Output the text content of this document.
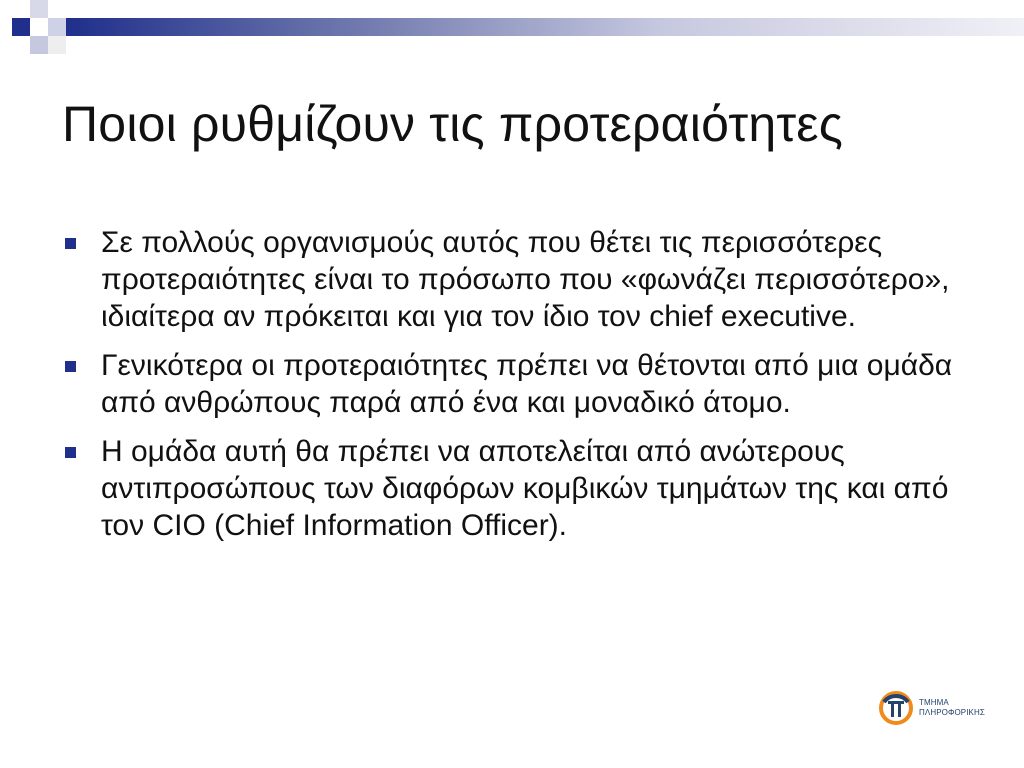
Ποιοι ρυθμίζουν τις προτεραιότητες
Σε πολλούς οργανισμούς αυτός που θέτει τις περισσότερες προτεραιότητες είναι το πρόσωπο που «φωνάζει περισσότερο», ιδιαίτερα αν πρόκειται και για τον ίδιο τον chief executive.
Γενικότερα οι προτεραιότητες πρέπει να θέτονται από μια ομάδα από ανθρώπους παρά από ένα και μοναδικό άτομο.
Η ομάδα αυτή θα πρέπει να αποτελείται από ανώτερους αντιπροσώπους των διαφόρων κομβικών τμημάτων της και από τον CIO (Chief Information Officer).
ΤΜΗΜΑ
ΠΛΗΡΟΦΟΡΙΚΗΣ
